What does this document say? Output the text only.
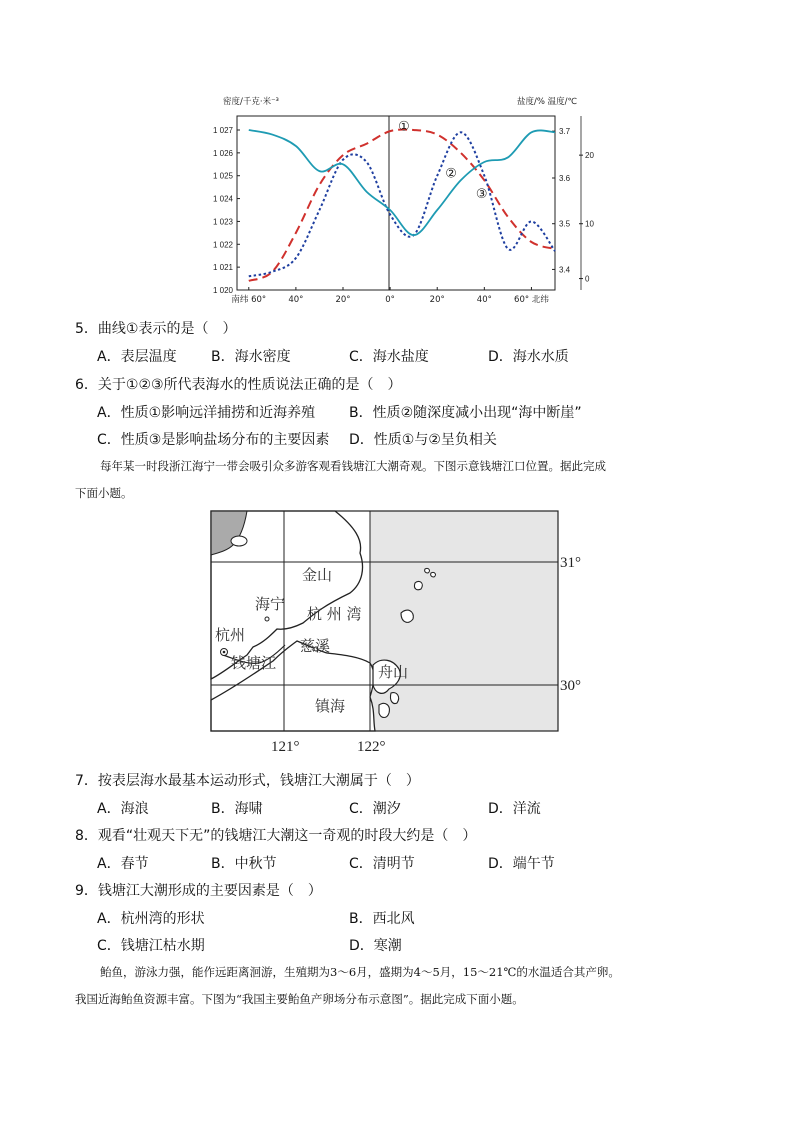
密度/千克·米⁻³	盐度/% 温度/℃
1 027
1 026
1 025
1 024
1 023
1 022
1 021
1 020
3.7
3.6
3.5
3.4
20
10
0
南纬 60°	40°	20°	0°	20°	40°	60° 北纬
①
②
③
5．曲线①表示的是（　）
A．表层温度 B．海水密度	C．海水盐度	D．海水水质
6．关于①②③所代表海水的性质说法正确的是（　）
A．性质①影响远洋捕捞和近海养殖 B．性质②随深度减小出现“海中断崖”
C．性质③是影响盐场分布的主要因素 D．性质①与②呈负相关
每年某一时段浙江海宁一带会吸引众多游客观看钱塘江大潮奇观。下图示意钱塘江口位置。据此完成
下面小题。
金山
海宁
杭州
杭 州 湾
钱塘江
慈溪
舟山
镇海
31°
30°
121°	122°
7．按表层海水最基本运动形式，钱塘江大潮属于（　）
A．海浪	B．海啸	C．潮汐	D．洋流
8．观看“壮观天下无”的钱塘江大潮这一奇观的时段大约是（　）
A．春节	B．中秋节	C．清明节	D．端午节
9．钱塘江大潮形成的主要因素是（　）
A．杭州湾的形状	B．西北风
C．钱塘江枯水期	D．寒潮
鲐鱼，游泳力强，能作远距离洄游，生殖期为3～6月，盛期为4～5月，15～21℃的水温适合其产卵。
我国近海鲐鱼资源丰富。下图为“我国主要鲐鱼产卵场分布示意图”。据此完成下面小题。
